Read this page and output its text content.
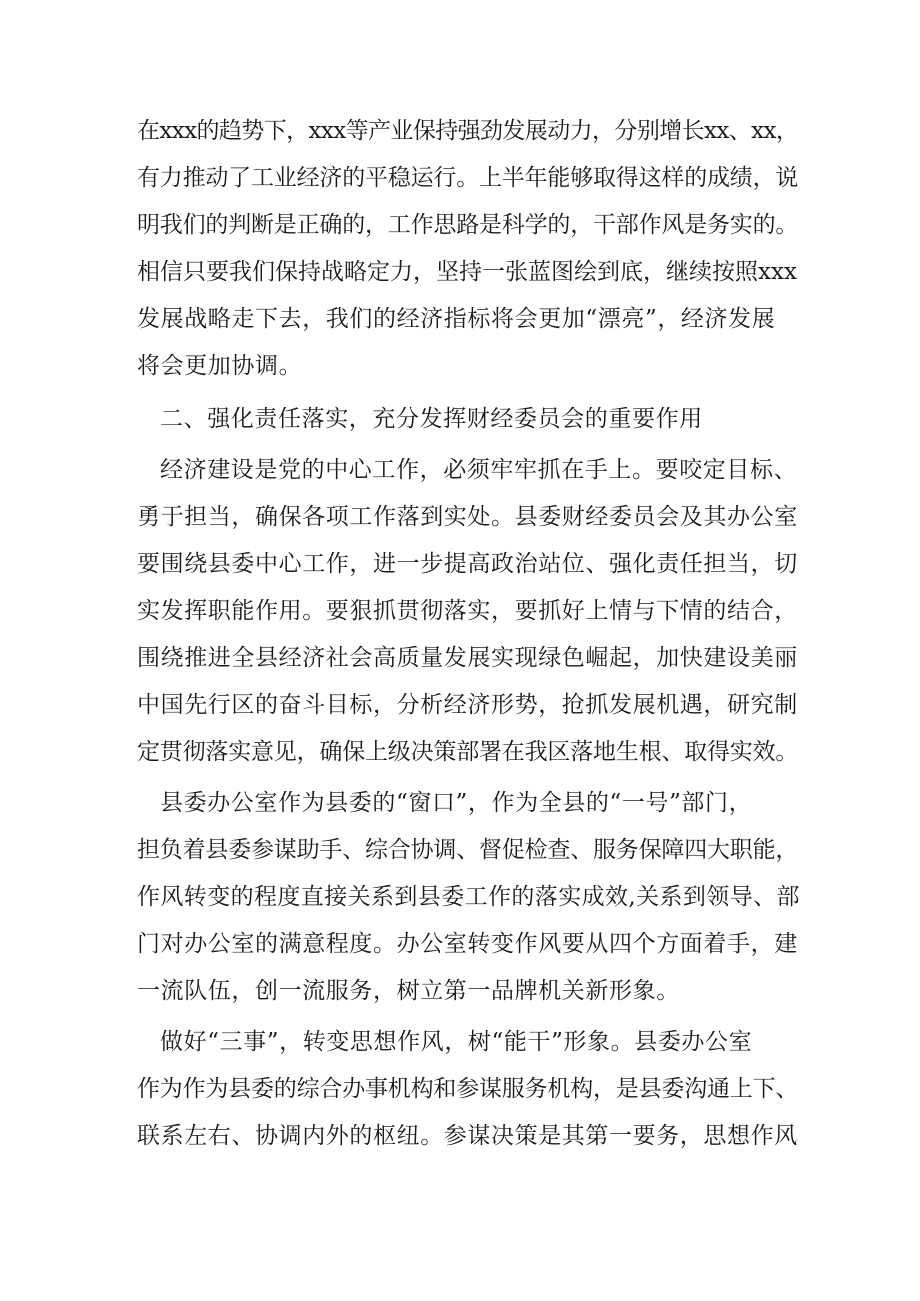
在xxx的趋势下，xxx等产业保持强劲发展动力，分别增长xx、xx，
有力推动了工业经济的平稳运行。上半年能够取得这样的成绩，说
明我们的判断是正确的，工作思路是科学的，干部作风是务实的。
相信只要我们保持战略定力，坚持一张蓝图绘到底，继续按照xxx
发展战略走下去，我们的经济指标将会更加“漂亮”，经济发展
将会更加协调。
二、强化责任落实，充分发挥财经委员会的重要作用
经济建设是党的中心工作，必须牢牢抓在手上。要咬定目标、
勇于担当，确保各项工作落到实处。县委财经委员会及其办公室
要围绕县委中心工作，进一步提高政治站位、强化责任担当，切
实发挥职能作用。要狠抓贯彻落实，要抓好上情与下情的结合，
围绕推进全县经济社会高质量发展实现绿色崛起，加快建设美丽
中国先行区的奋斗目标，分析经济形势，抢抓发展机遇，研究制
定贯彻落实意见，确保上级决策部署在我区落地生根、取得实效。
县委办公室作为县委的“窗口”，作为全县的“一号”部门，
担负着县委参谋助手、综合协调、督促检查、服务保障四大职能，
作风转变的程度直接关系到县委工作的落实成效,关系到领导、部
门对办公室的满意程度。办公室转变作风要从四个方面着手，建
一流队伍，创一流服务，树立第一品牌机关新形象。
做好“三事”，转变思想作风，树“能干”形象。县委办公室
作为作为县委的综合办事机构和参谋服务机构，是县委沟通上下、
联系左右、协调内外的枢纽。参谋决策是其第一要务，思想作风
